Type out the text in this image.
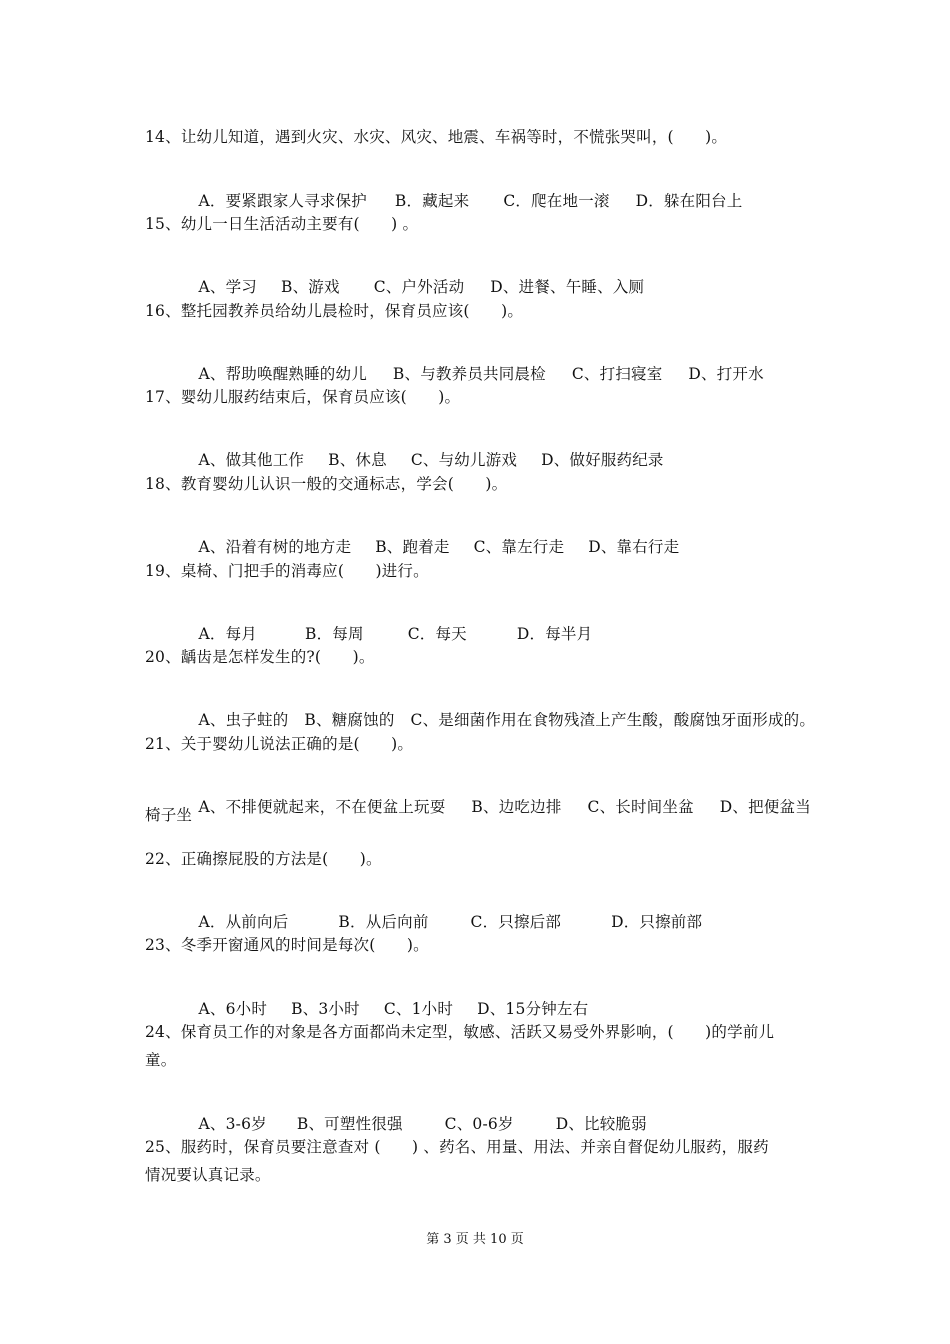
14、让幼儿知道，遇到火灾、水灾、风灾、地震、车祸等时，不慌张哭叫，(　　)。

A．要紧跟家人寻求保护 B．藏起来 C．爬在地一滚 D．躲在阳台上

15、幼儿一日生活活动主要有(　　) 。

A、学习 B、游戏 C、户外活动 D、进餐、午睡、入厕

16、整托园教养员给幼儿晨检时，保育员应该(　　)。

A、帮助唤醒熟睡的幼儿 B、与教养员共同晨检 C、打扫寝室 D、打开水

17、婴幼儿服药结束后，保育员应该(　　)。

A、做其他工作 B、休息 C、与幼儿游戏 D、做好服药纪录

18、教育婴幼儿认识一般的交通标志，学会(　　)。

A、沿着有树的地方走 B、跑着走 C、靠左行走 D、靠右行走

19、桌椅、门把手的消毒应(　　)进行。

A．每月	B．每周	C．每天	D．每半月

20、龋齿是怎样发生的?(　　)。

A、虫子蛀的 B、糖腐蚀的 C、是细菌作用在食物残渣上产生酸，酸腐蚀牙面形成的。

21、关于婴幼儿说法正确的是(　　)。

A、不排便就起来，不在便盆上玩耍 B、边吃边排 C、长时间坐盆 D、把便盆当

椅子坐
22、正确擦屁股的方法是(　　)。

A．从前向后	B．从后向前	C．只擦后部	D．只擦前部

23、冬季开窗通风的时间是每次(　　)。

A、6小时 B、3小时 C、1小时 D、15分钟左右

24、保育员工作的对象是各方面都尚未定型，敏感、活跃又易受外界影响，(　　)的学前儿
童。

A、3-6岁 B、可塑性很强	C、0-6岁	D、比较脆弱

25、服药时，保育员要注意查对 (　　) 、药名、用量、用法、并亲自督促幼儿服药，服药
情况要认真记录。
第 3 页 共 10 页
